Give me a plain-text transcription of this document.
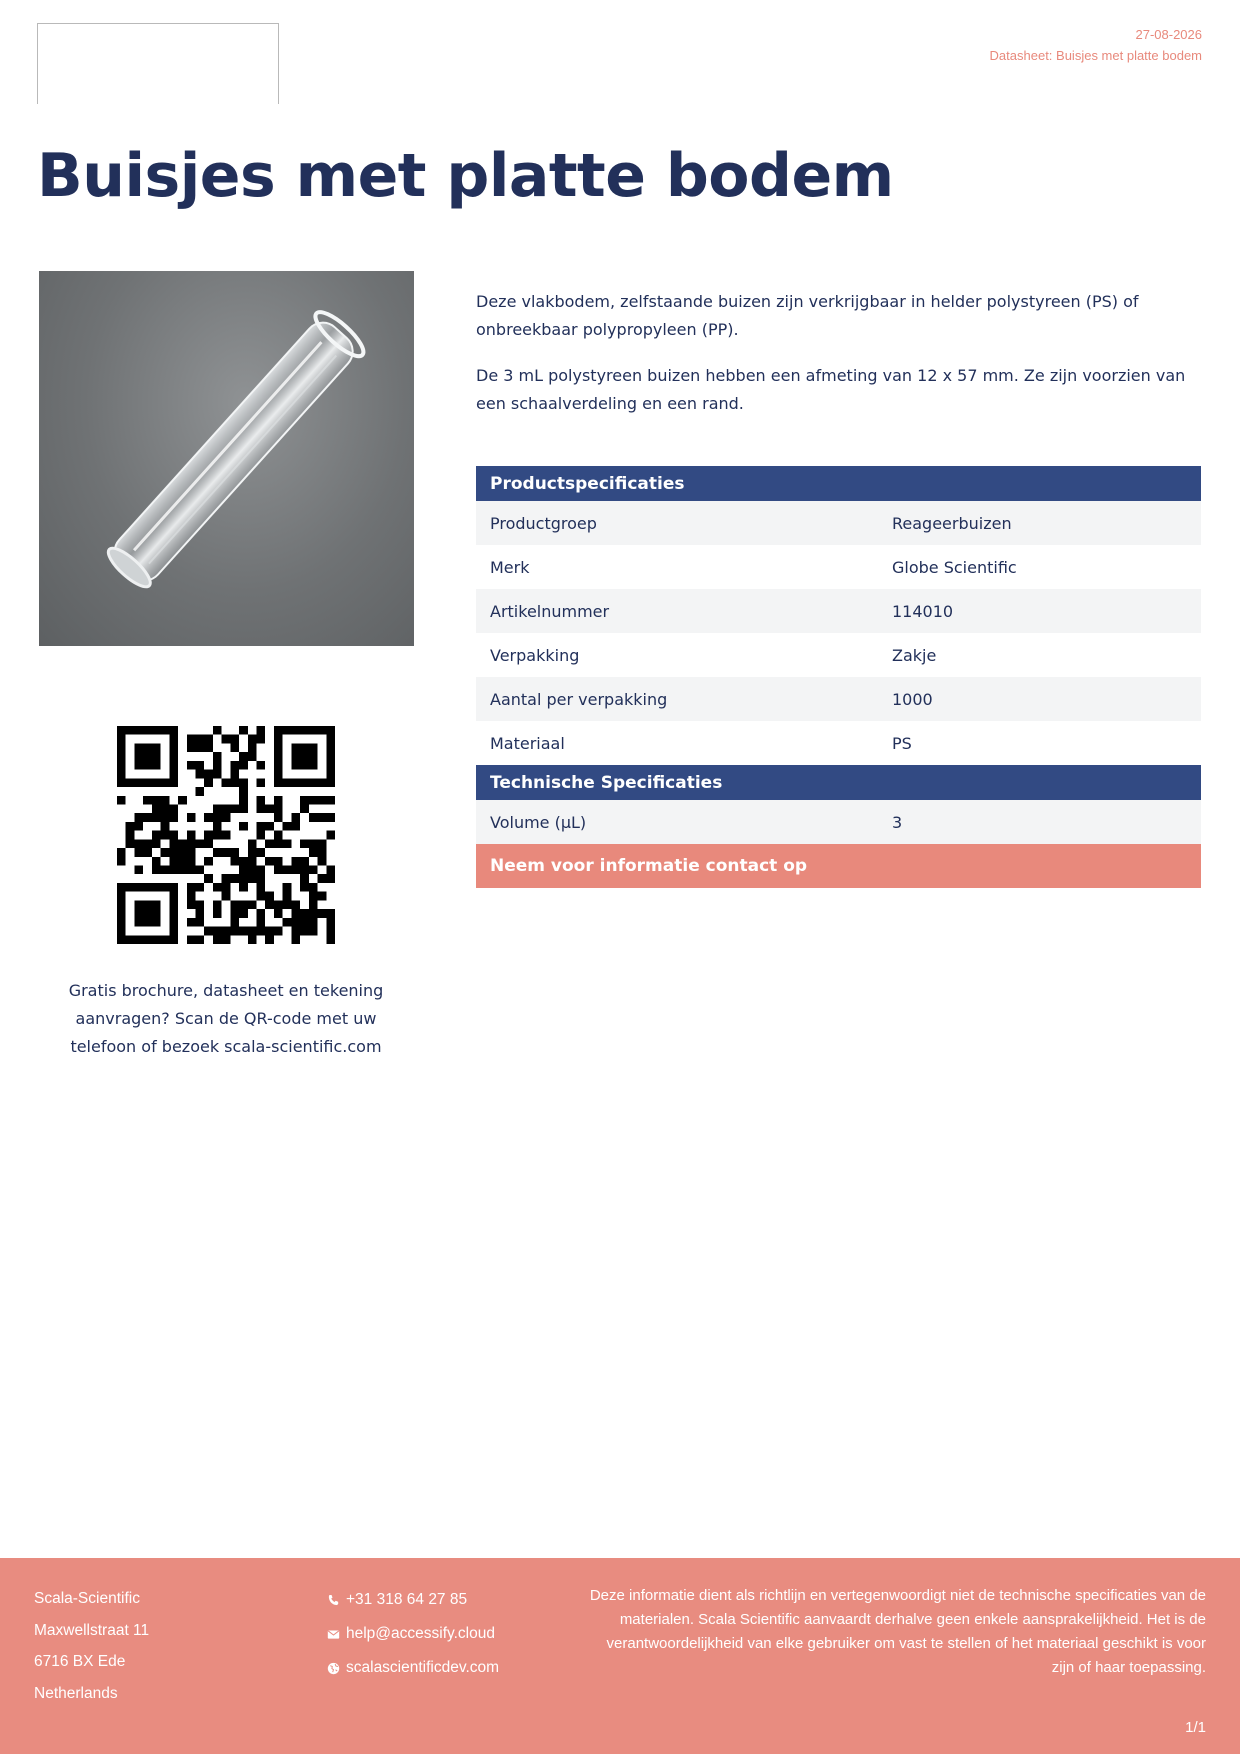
27-08-2026
Datasheet: Buisjes met platte bodem
Buisjes met platte bodem
Gratis brochure, datasheet en tekening aanvragen? Scan de QR-code met uw telefoon of bezoek scala-scientific.com

Deze vlakbodem, zelfstaande buizen zijn verkrijgbaar in helder polystyreen (PS) of onbreekbaar polypropyleen (PP).

De 3 mL polystyreen buizen hebben een afmeting van 12 x 57 mm. Ze zijn voorzien van een schaalverdeling en een rand.

Productspecificaties	
Productgroep	Reageerbuizen
Merk	Globe Scientific
Artikelnummer	114010
Verpakking	Zakje
Aantal per verpakking	1000
Materiaal	PS
Technische Specificaties	
Volume (µL)	3
Neem voor informatie contact op	
Scala-Scientific
Maxwellstraat 11
6716 BX Ede
Netherlands
+31 318 64 27 85
help@accessify.cloud
scalascientificdev.com
Deze informatie dient als richtlijn en vertegenwoordigt niet de technische specificaties van de materialen. Scala Scientific aanvaardt derhalve geen enkele aansprakelijkheid. Het is de verantwoordelijkheid van elke gebruiker om vast te stellen of het materiaal geschikt is voor zijn of haar toepassing.
1/1
